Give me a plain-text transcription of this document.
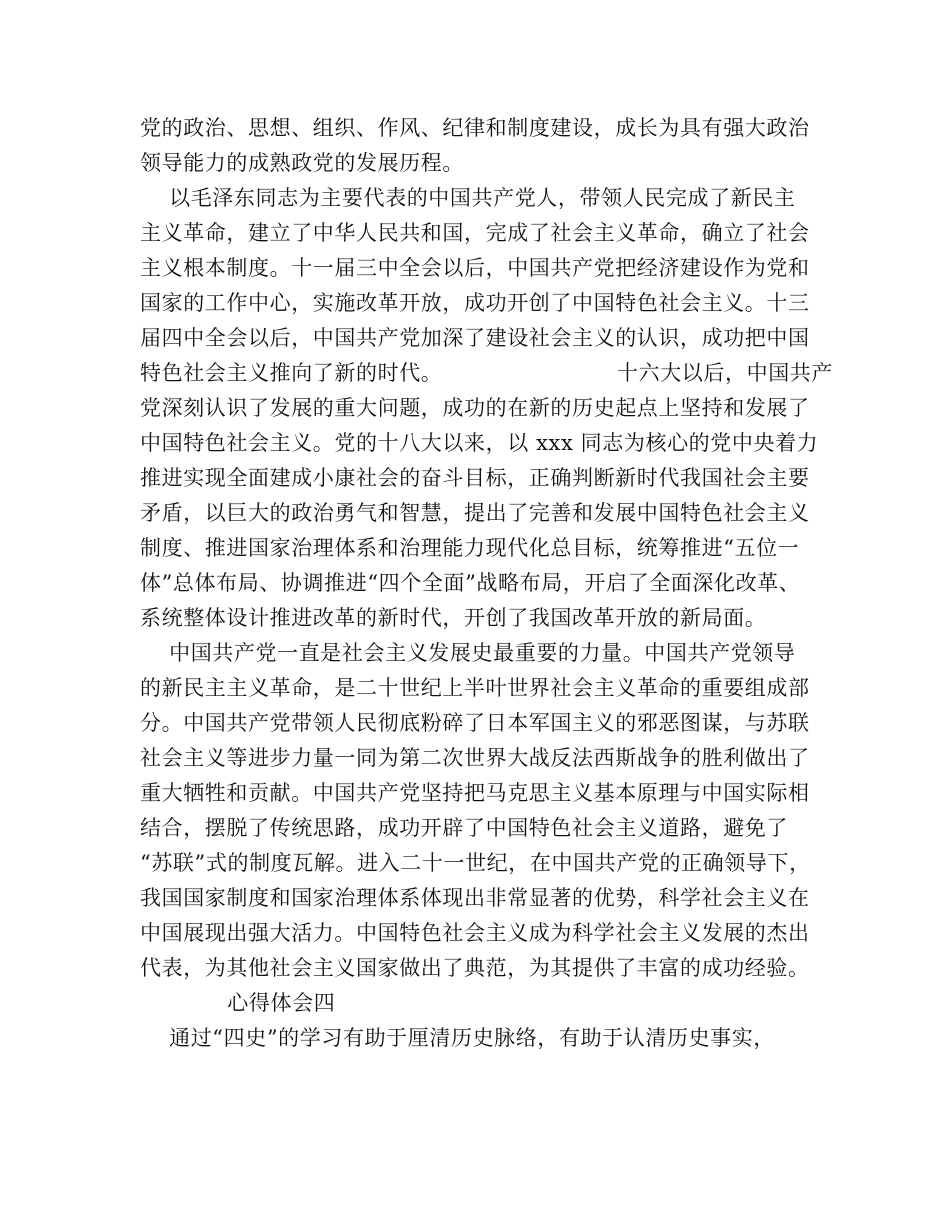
党的政治、思想、组织、作风、纪律和制度建设，成长为具有强大政治
领导能力的成熟政党的发展历程。
以毛泽东同志为主要代表的中国共产党人，带领人民完成了新民主
主义革命，建立了中华人民共和国，完成了社会主义革命，确立了社会
主义根本制度。十一届三中全会以后，中国共产党把经济建设作为党和
国家的工作中心，实施改革开放，成功开创了中国特色社会主义。十三
届四中全会以后，中国共产党加深了建设社会主义的认识，成功把中国
特色社会主义推向了新的时代。                        十六大以后，中国共产
党深刻认识了发展的重大问题，成功的在新的历史起点上坚持和发展了
中国特色社会主义。党的十八大以来，以 xxx 同志为核心的党中央着力
推进实现全面建成小康社会的奋斗目标，正确判断新时代我国社会主要
矛盾，以巨大的政治勇气和智慧，提出了完善和发展中国特色社会主义
制度、推进国家治理体系和治理能力现代化总目标，统筹推进“五位一
体”总体布局、协调推进“四个全面”战略布局，开启了全面深化改革、
系统整体设计推进改革的新时代，开创了我国改革开放的新局面。
中国共产党一直是社会主义发展史最重要的力量。中国共产党领导
的新民主主义革命，是二十世纪上半叶世界社会主义革命的重要组成部
分。中国共产党带领人民彻底粉碎了日本军国主义的邪恶图谋，与苏联
社会主义等进步力量一同为第二次世界大战反法西斯战争的胜利做出了
重大牺牲和贡献。中国共产党坚持把马克思主义基本原理与中国实际相
结合，摆脱了传统思路，成功开辟了中国特色社会主义道路，避免了
“苏联”式的制度瓦解。进入二十一世纪，在中国共产党的正确领导下，
我国国家制度和国家治理体系体现出非常显著的优势，科学社会主义在
中国展现出强大活力。中国特色社会主义成为科学社会主义发展的杰出
代表，为其他社会主义国家做出了典范，为其提供了丰富的成功经验。
心得体会四
通过“四史”的学习有助于厘清历史脉络，有助于认清历史事实，
